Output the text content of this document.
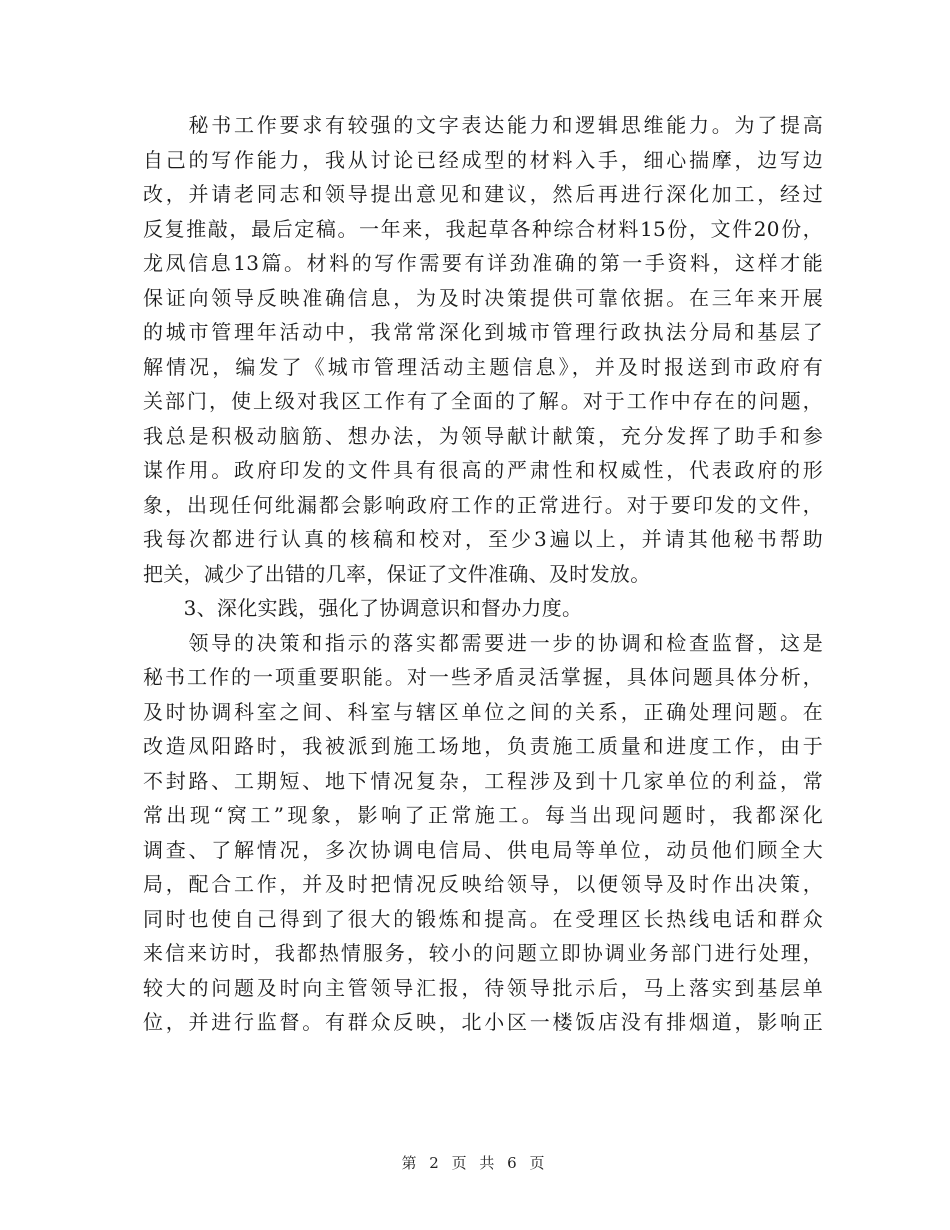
　　秘书工作要求有较强的文字表达能力和逻辑思维能力。为了提高
自己的写作能力，我从讨论已经成型的材料入手，细心揣摩，边写边
改，并请老同志和领导提出意见和建议，然后再进行深化加工，经过
反复推敲，最后定稿。一年来，我起草各种综合材料15份，文件20份，
龙凤信息13篇。材料的写作需要有详劲准确的第一手资料，这样才能
保证向领导反映准确信息，为及时决策提供可靠依据。在三年来开展
的城市管理年活动中，我常常深化到城市管理行政执法分局和基层了
解情况，编发了《城市管理活动主题信息》，并及时报送到市政府有
关部门，使上级对我区工作有了全面的了解。对于工作中存在的问题，
我总是积极动脑筋、想办法，为领导献计献策，充分发挥了助手和参
谋作用。政府印发的文件具有很高的严肃性和权威性，代表政府的形
象，出现任何纰漏都会影响政府工作的正常进行。对于要印发的文件，
我每次都进行认真的核稿和校对，至少3遍以上，并请其他秘书帮助
把关，减少了出错的几率，保证了文件准确、及时发放。
　　3、深化实践，强化了协调意识和督办力度。
　　领导的决策和指示的落实都需要进一步的协调和检查监督，这是
秘书工作的一项重要职能。对一些矛盾灵活掌握，具体问题具体分析，
及时协调科室之间、科室与辖区单位之间的关系，正确处理问题。在
改造凤阳路时，我被派到施工场地，负责施工质量和进度工作，由于
不封路、工期短、地下情况复杂，工程涉及到十几家单位的利益，常
常出现“窝工”现象，影响了正常施工。每当出现问题时，我都深化
调查、了解情况，多次协调电信局、供电局等单位，动员他们顾全大
局，配合工作，并及时把情况反映给领导，以便领导及时作出决策，
同时也使自己得到了很大的锻炼和提高。在受理区长热线电话和群众
来信来访时，我都热情服务，较小的问题立即协调业务部门进行处理，
较大的问题及时向主管领导汇报，待领导批示后，马上落实到基层单
位，并进行监督。有群众反映，北小区一楼饭店没有排烟道，影响正
第 2 页 共 6 页
